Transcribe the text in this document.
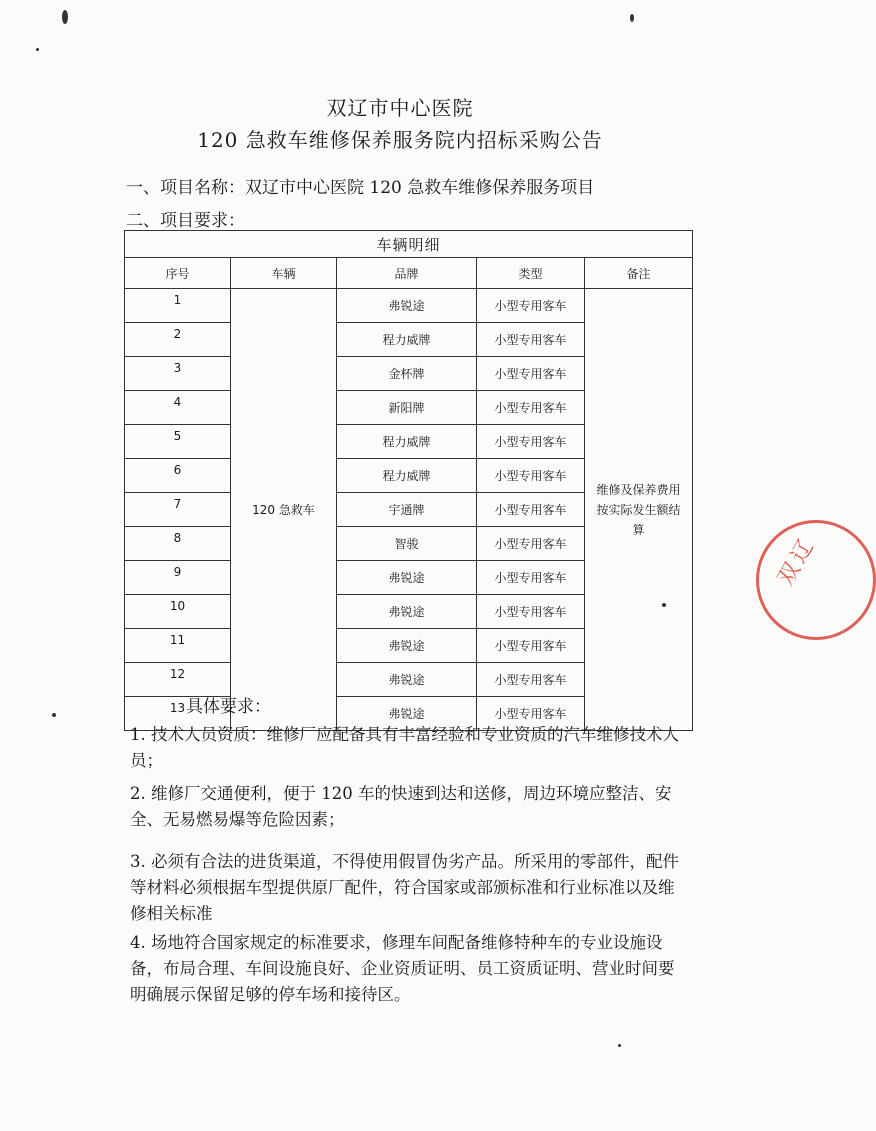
双辽市中心医院
120 急救车维修保养服务院内招标采购公告
一、项目名称：双辽市中心医院 120 急救车维修保养服务项目
二、项目要求：
车辆明细				
序号	车辆	品牌	类型	备注
1	120 急救车	弗锐途	小型专用客车	维修及保养费用按实际发生额结算
2		程力威牌	小型专用客车	
3		金杯牌	小型专用客车	
4		新阳牌	小型专用客车	
5		程力威牌	小型专用客车	
6		程力威牌	小型专用客车	
7		宇通牌	小型专用客车	
8		智骏	小型专用客车	
9		弗锐途	小型专用客车	
10		弗锐途	小型专用客车	
11		弗锐途	小型专用客车	
12		弗锐途	小型专用客车	
13		弗锐途	小型专用客车	
具体要求：
1. 技术人员资质：维修厂应配备具有丰富经验和专业资质的汽车维修技术人员；
2. 维修厂交通便利，便于 120 车的快速到达和送修，周边环境应整洁、安全、无易燃易爆等危险因素；
3. 必须有合法的进货渠道，不得使用假冒伪劣产品。所采用的零部件，配件等材料必须根据车型提供原厂配件，符合国家或部颁标准和行业标准以及维修相关标准
4. 场地符合国家规定的标准要求，修理车间配备维修特种车的专业设施设备，布局合理、车间设施良好、企业资质证明、员工资质证明、营业时间要明确展示保留足够的停车场和接待区。
双辽
